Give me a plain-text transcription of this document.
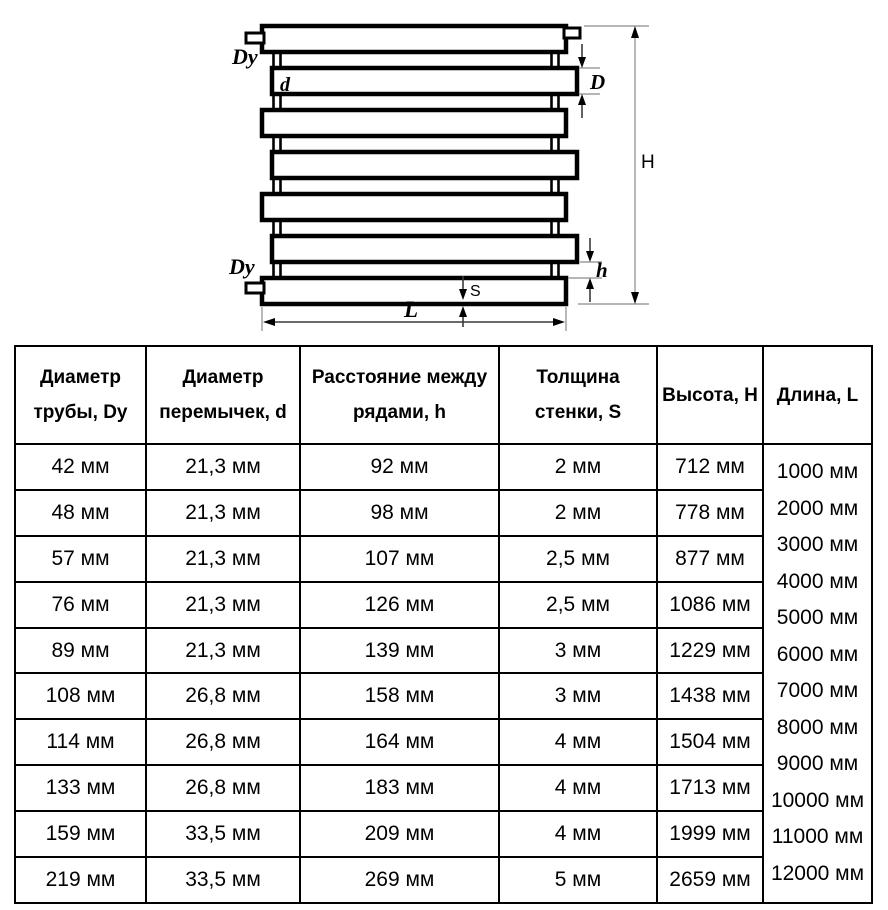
Dy
d	D
H
h
S
L
Dy
Диаметр трубы, Dy	Диаметр перемычек, d	Расстояние между рядами, h	Толщина стенки, S	Высота, H	Длина, L
42 мм	21,3 мм	92 мм	2 мм	712 мм	1000 мм
2000 мм
3000 мм
4000 мм
5000 мм
6000 мм
7000 мм
8000 мм
9000 мм
10000 мм
11000 мм
12000 мм

48 мм	21,3 мм	98 мм	2 мм	778 мм	
57 мм	21,3 мм	107 мм	2,5 мм	877 мм	
76 мм	21,3 мм	126 мм	2,5 мм	1086 мм	
89 мм	21,3 мм	139 мм	3 мм	1229 мм	
108 мм	26,8 мм	158 мм	3 мм	1438 мм	
114 мм	26,8 мм	164 мм	4 мм	1504 мм	
133 мм	26,8 мм	183 мм	4 мм	1713 мм	
159 мм	33,5 мм	209 мм	4 мм	1999 мм	
219 мм	33,5 мм	269 мм	5 мм	2659 мм	
